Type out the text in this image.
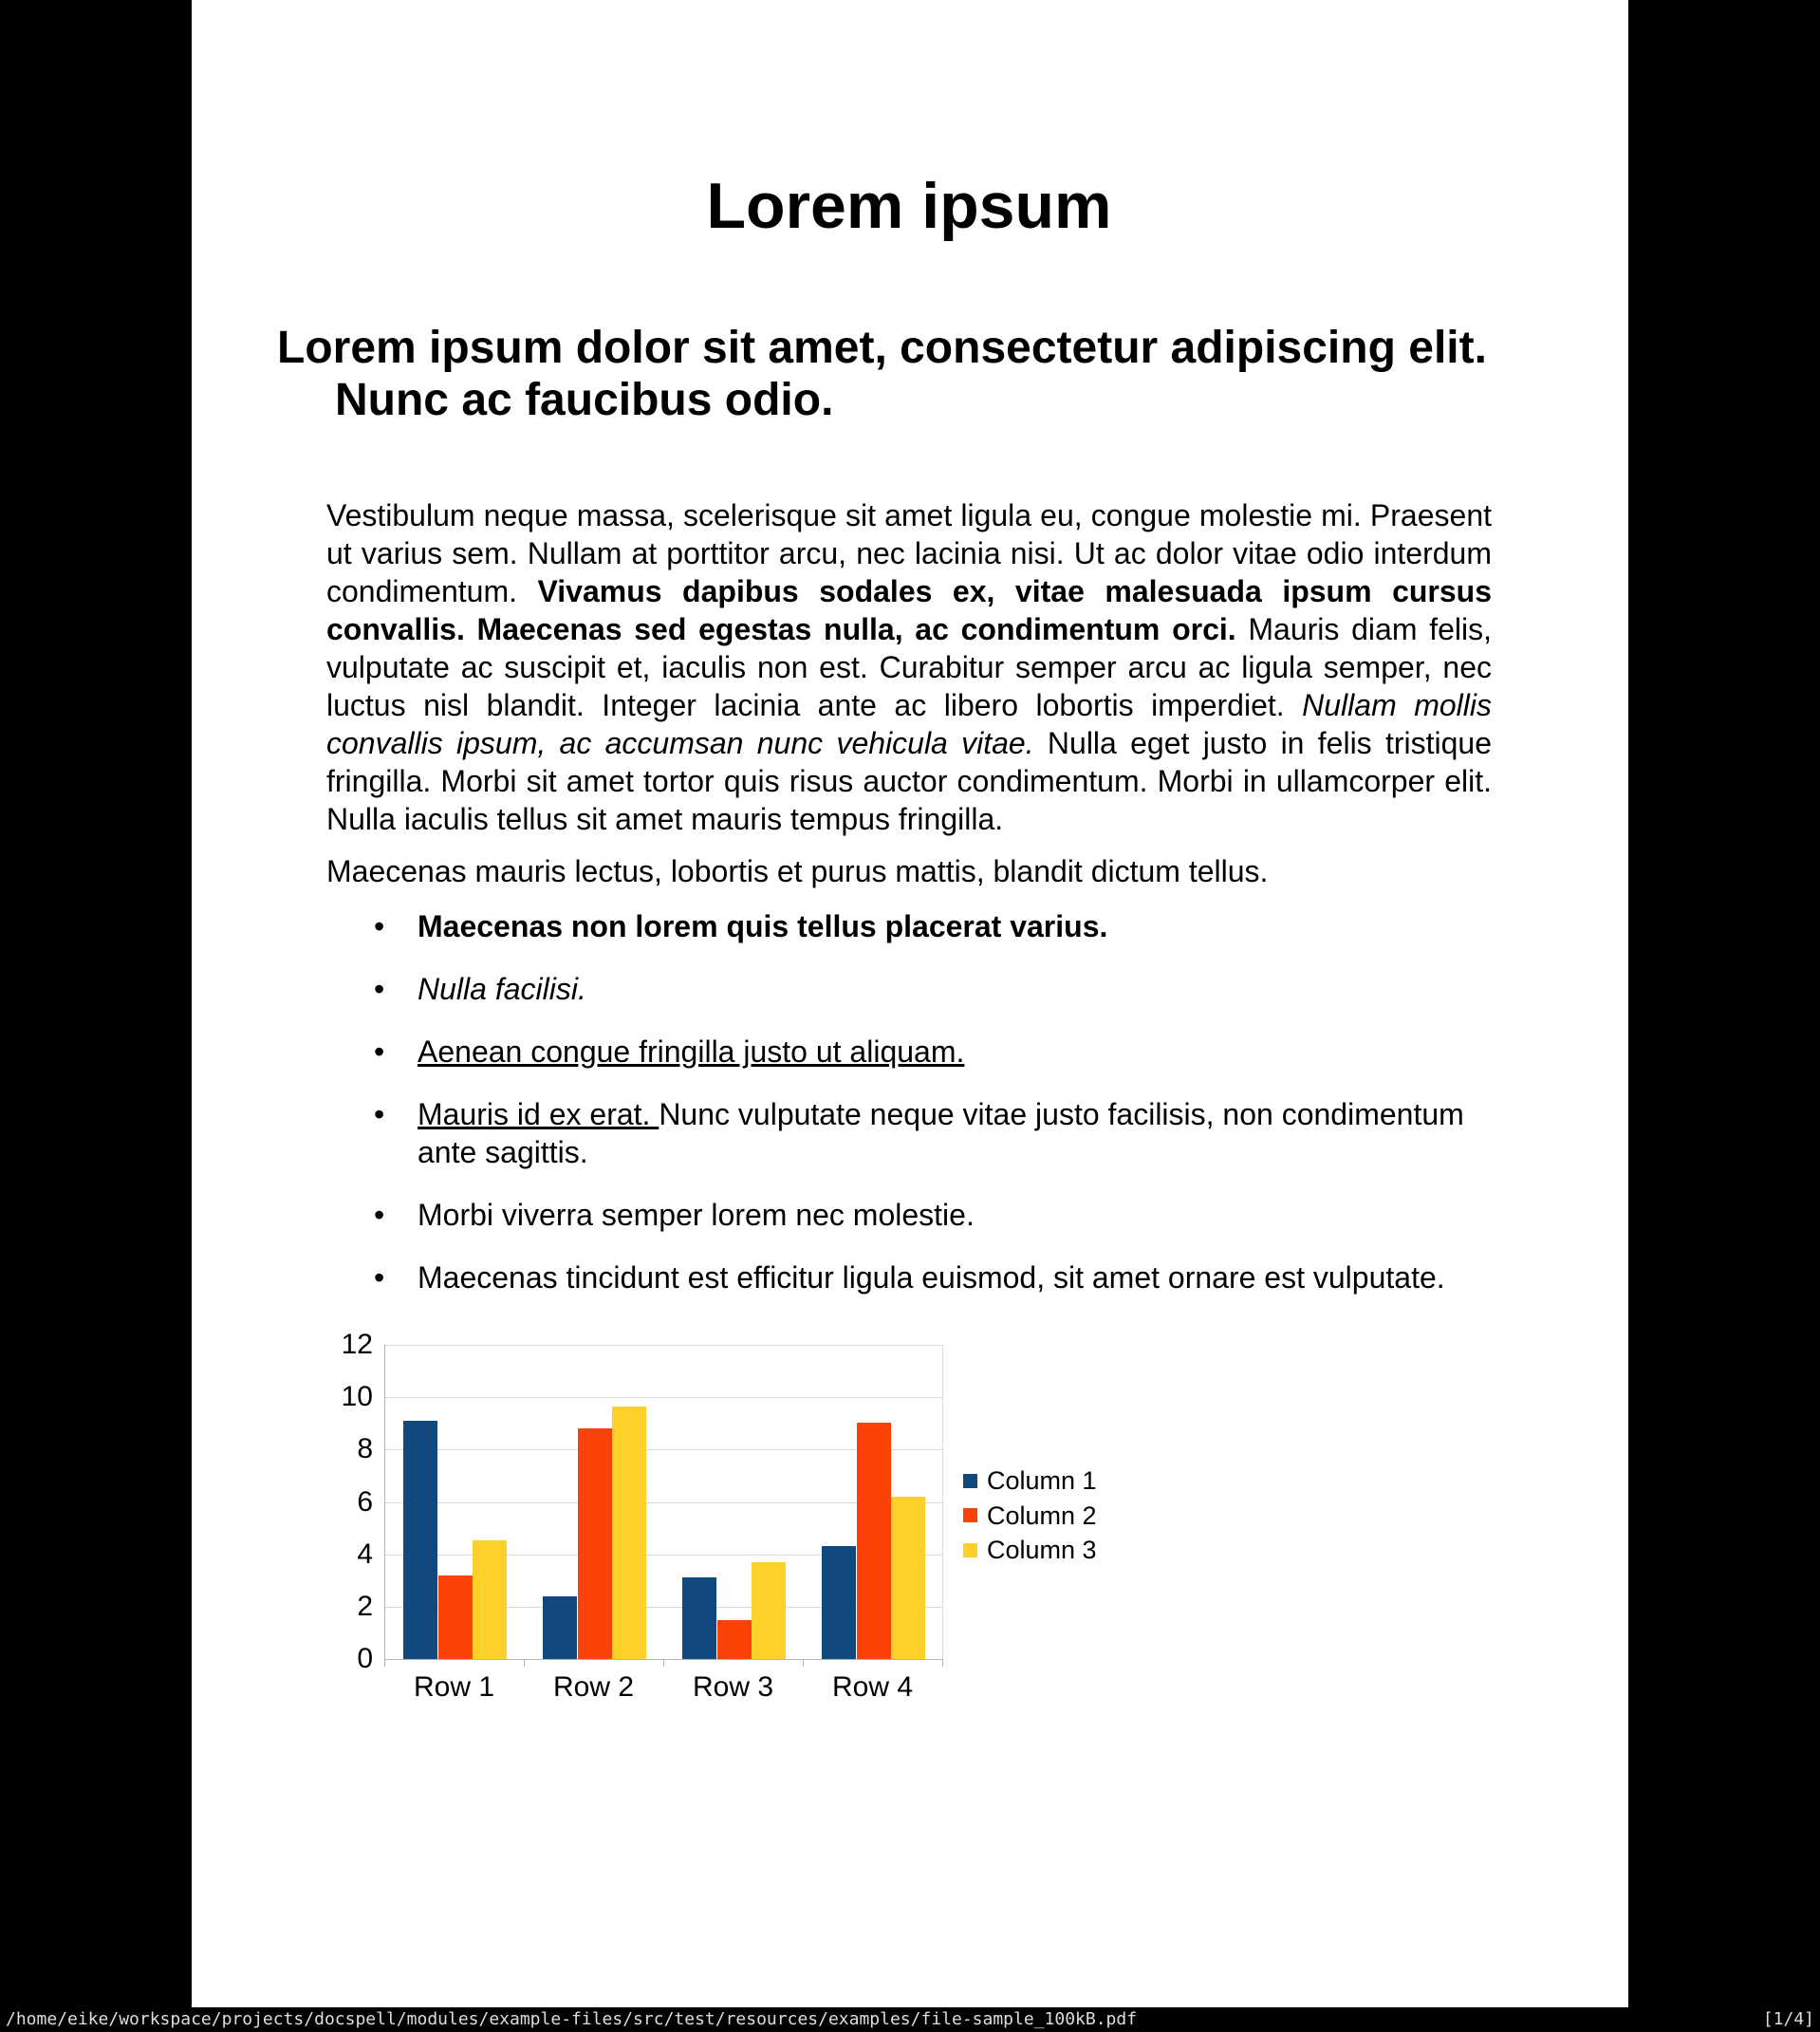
Lorem ipsum
Lorem ipsum dolor sit amet, consectetur adipiscing elit.
Nunc ac faucibus odio.

Vestibulum neque massa, scelerisque sit amet ligula eu, congue molestie mi. Praesent ut varius sem. Nullam at porttitor arcu, nec lacinia nisi. Ut ac dolor vitae odio interdum condimentum. Vivamus dapibus sodales ex, vitae malesuada ipsum cursus convallis. Maecenas sed egestas nulla, ac condimentum orci. Mauris diam felis, vulputate ac suscipit et, iaculis non est. Curabitur semper arcu ac ligula semper, nec luctus nisl blandit. Integer lacinia ante ac libero lobortis imperdiet. Nullam mollis convallis ipsum, ac accumsan nunc vehicula vitae. Nulla eget justo in felis tristique fringilla. Morbi sit amet tortor quis risus auctor condimentum. Morbi in ullamcorper elit. Nulla iaculis tellus sit amet mauris tempus fringilla.

Maecenas mauris lectus, lobortis et purus mattis, blandit dictum tellus.

• Maecenas non lorem quis tellus placerat varius.
• Nulla facilisi.
• Aenean congue fringilla justo ut aliquam.
• Mauris id ex erat. Nunc vulputate neque vitae justo facilisis, non condimentum ante sagittis.
• Morbi viverra semper lorem nec molestie.
• Maecenas tincidunt est efficitur ligula euismod, sit amet ornare est vulputate.
0
2
4
6
8
10
12
Row 1	Row 2	Row 3	Row 4
Column 1
Column 2
Column 3
/home/eike/workspace/projects/docspell/modules/example-files/src/test/resources/examples/file-sample_100kB.pdf	[1/4]
